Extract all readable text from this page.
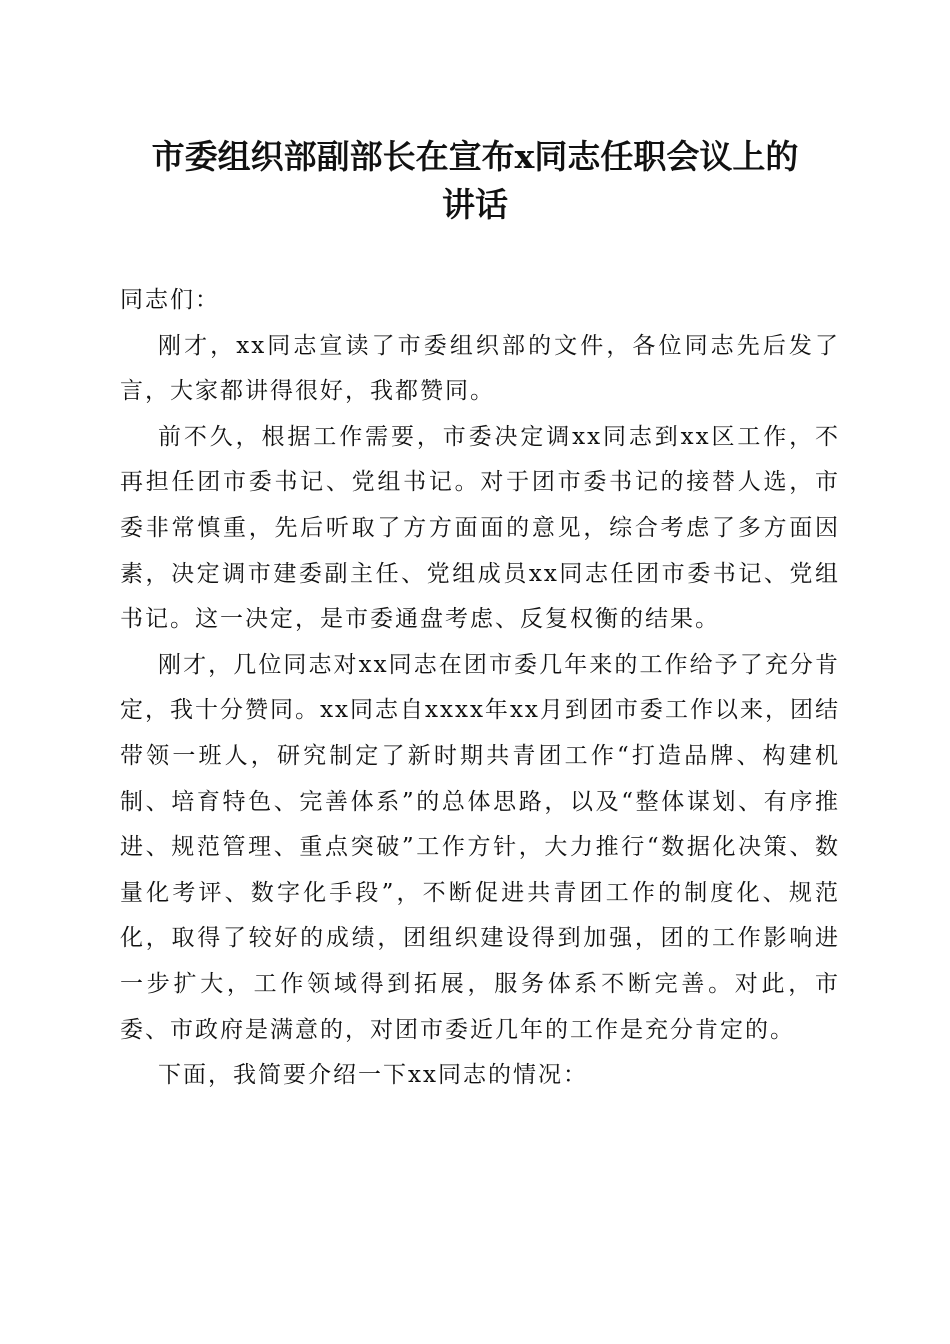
市委组织部副部长在宣布x同志任职会议上的
讲话

同志们：

刚才，xx同志宣读了市委组织部的文件，各位同志先后发了言，大家都讲得很好，我都赞同。

前不久，根据工作需要，市委决定调xx同志到xx区工作，不再担任团市委书记、党组书记。对于团市委书记的接替人选，市委非常慎重，先后听取了方方面面的意见，综合考虑了多方面因素，决定调市建委副主任、党组成员xx同志任团市委书记、党组书记。这一决定，是市委通盘考虑、反复权衡的结果。

刚才，几位同志对xx同志在团市委几年来的工作给予了充分肯定，我十分赞同。xx同志自xxxx年xx月到团市委工作以来，团结带领一班人，研究制定了新时期共青团工作“打造品牌、构建机制、培育特色、完善体系”的总体思路，以及“整体谋划、有序推进、规范管理、重点突破”工作方针，大力推行“数据化决策、数量化考评、数字化手段”，不断促进共青团工作的制度化、规范化，取得了较好的成绩，团组织建设得到加强，团的工作影响进一步扩大，工作领域得到拓展，服务体系不断完善。对此，市委、市政府是满意的，对团市委近几年的工作是充分肯定的。

下面，我简要介绍一下xx同志的情况：
